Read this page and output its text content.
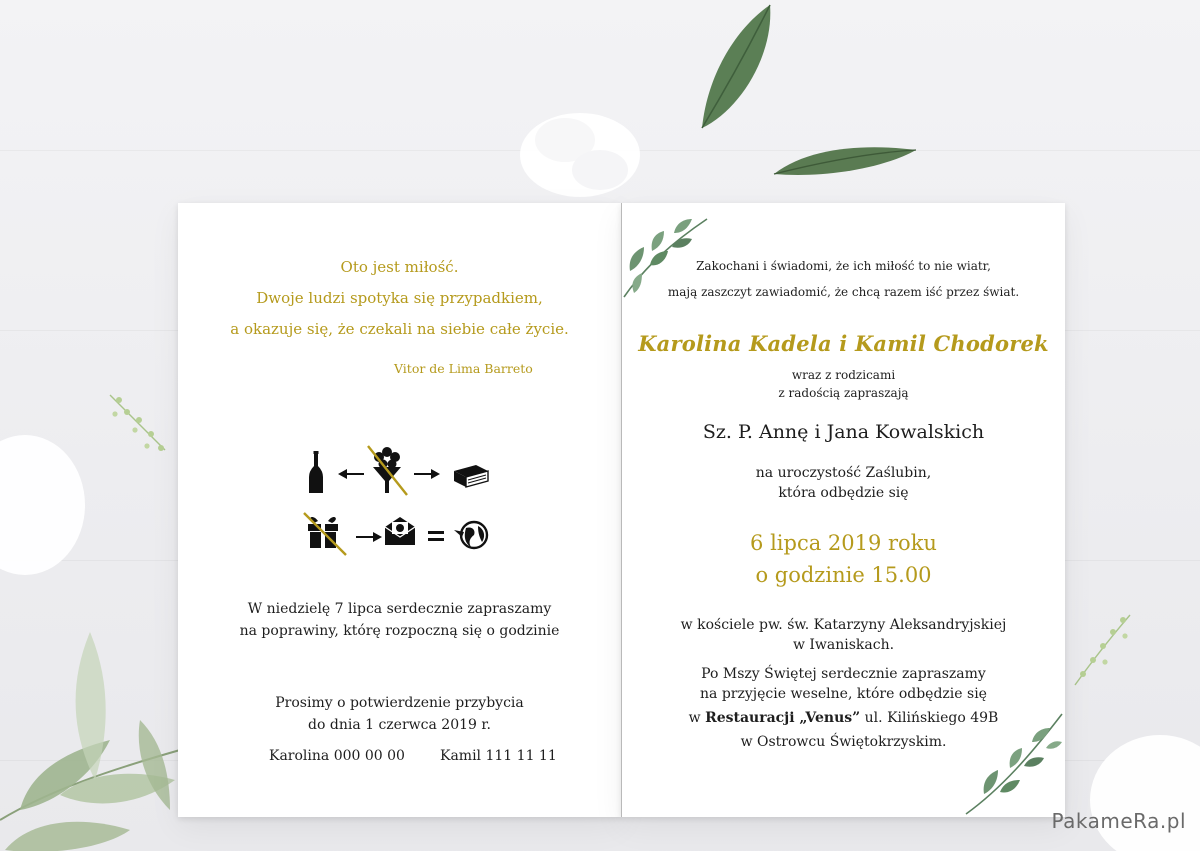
Oto jest miłość.
Dwoje ludzi spotyka się przypadkiem,
a okazuje się, że czekali na siebie całe życie.
Vitor de Lima Barreto
W niedzielę 7 lipca serdecznie zapraszamy
na poprawiny, którę rozpoczną się o godzinie
Prosimy o potwierdzenie przybycia
do dnia 1 czerwca 2019 r.
Karolina 000 00 00	Kamil 111 11 11
Zakochani i świadomi, że ich miłość to nie wiatr,
mają zaszczyt zawiadomić, że chcą razem iść przez świat.
Karolina Kadela i Kamil Chodorek
wraz z rodzicami
z radością zapraszają
Sz. P. Annę i Jana Kowalskich
na uroczystość Zaślubin,
która odbędzie się
6 lipca 2019 roku
o godzinie 15.00
w kościele pw. św. Katarzyny Aleksandryjskiej
w Iwaniskach.
Po Mszy Świętej serdecznie zapraszamy
na przyjęcie weselne, które odbędzie się
w Restauracji „Venus” ul. Kilińskiego 49B
w Ostrowcu Świętokrzyskim.
PakameRa.pl
